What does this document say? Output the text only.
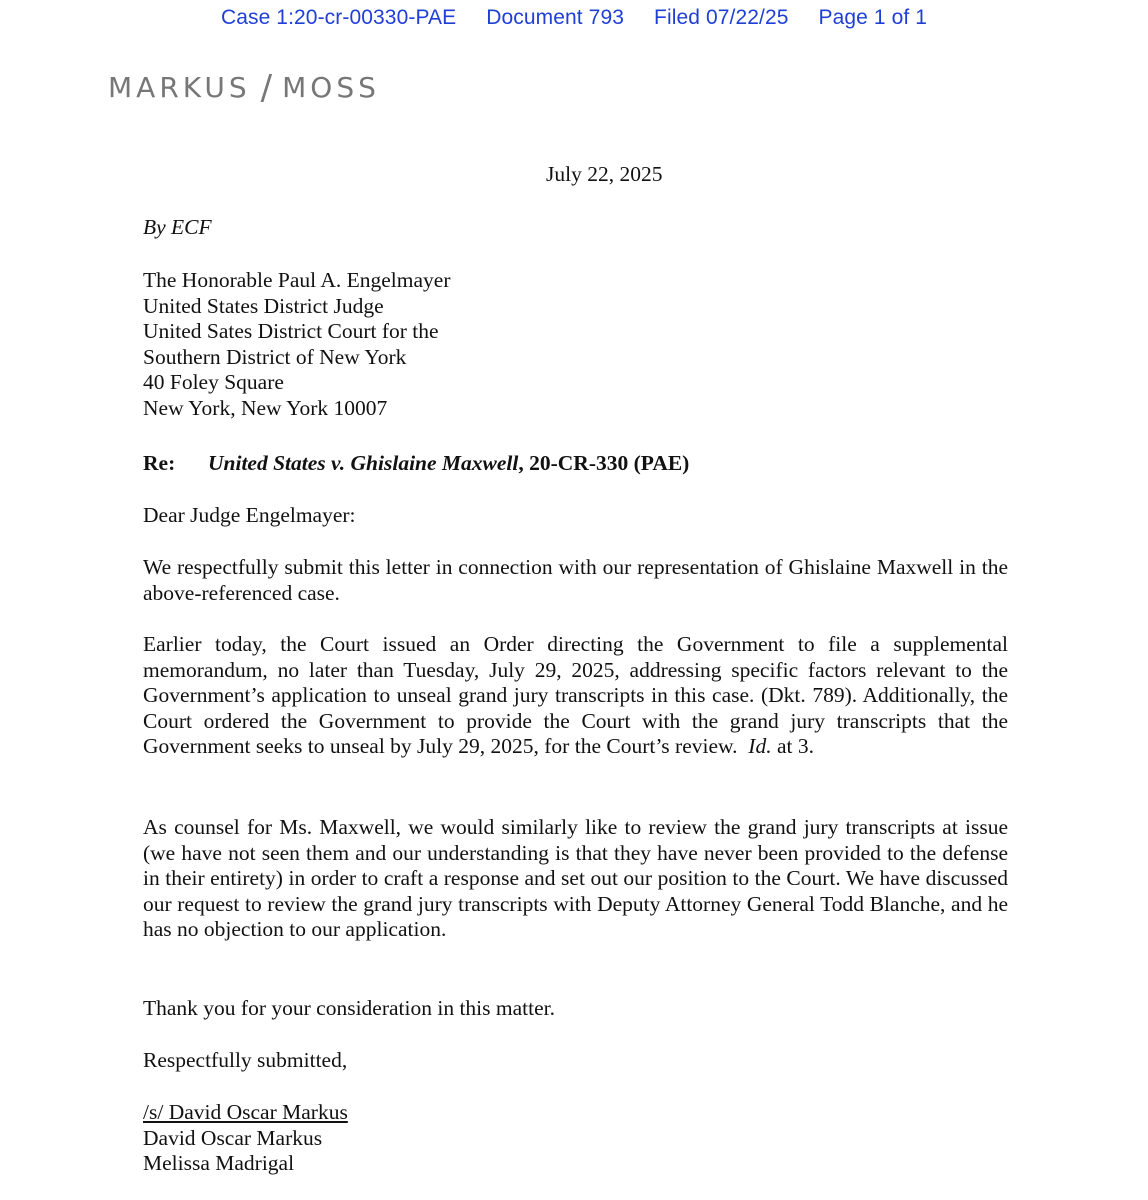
Case 1:20-cr-00330-PAE Document 793 Filed 07/22/25 Page 1 of 1
MARKUS / MOSS
July 22, 2025
By ECF
The Honorable Paul A. Engelmayer
United States District Judge
United Sates District Court for the
Southern District of New York
40 Foley Square
New York, New York 10007
Re:	United States v. Ghislaine Maxwell, 20-CR-330 (PAE)
Dear Judge Engelmayer:
We respectfully submit this letter in connection with our representation of Ghislaine Maxwell in the above-referenced case.
Earlier today, the Court issued an Order directing the Government to file a supplemental memorandum, no later than Tuesday, July 29, 2025, addressing specific factors relevant to the Government’s application to unseal grand jury transcripts in this case. (Dkt. 789). Additionally, the Court ordered the Government to provide the Court with the grand jury transcripts that the Government seeks to unseal by July 29, 2025, for the Court’s review. Id. at 3.
As counsel for Ms. Maxwell, we would similarly like to review the grand jury transcripts at issue (we have not seen them and our understanding is that they have never been provided to the defense in their entirety) in order to craft a response and set out our position to the Court. We have discussed our request to review the grand jury transcripts with Deputy Attorney General Todd Blanche, and he has no objection to our application.
Thank you for your consideration in this matter.
Respectfully submitted,
/s/ David Oscar Markus
David Oscar Markus
Melissa Madrigal
